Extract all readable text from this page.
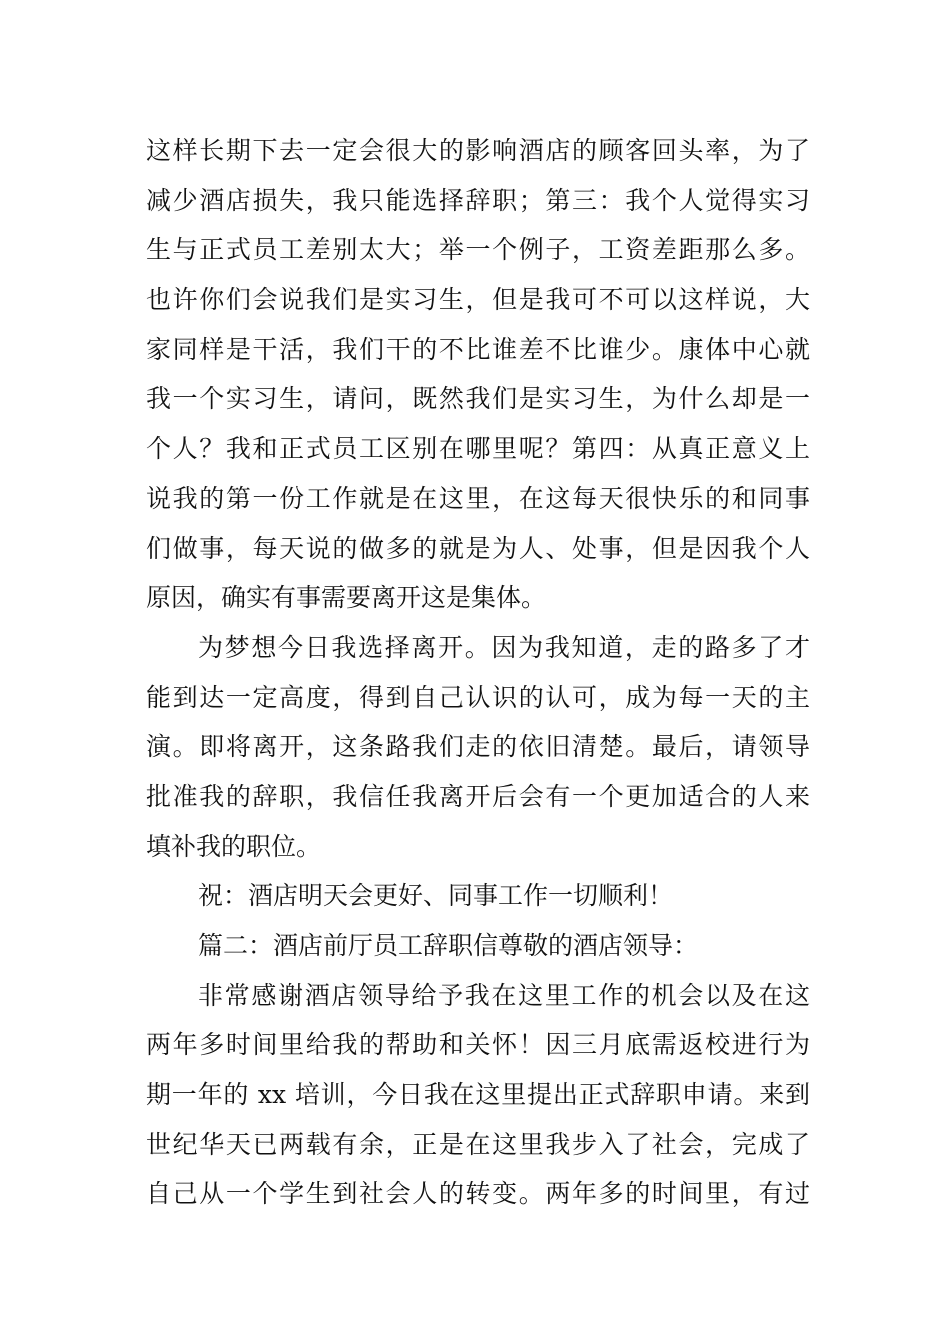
这样长期下去一定会很大的影响酒店的顾客回头率，为了
减少酒店损失，我只能选择辞职；第三：我个人觉得实习
生与正式员工差别太大；举一个例子，工资差距那么多。
也许你们会说我们是实习生，但是我可不可以这样说，大
家同样是干活，我们干的不比谁差不比谁少。康体中心就
我一个实习生，请问，既然我们是实习生，为什么却是一
个人？我和正式员工区别在哪里呢？第四：从真正意义上
说我的第一份工作就是在这里，在这每天很快乐的和同事
们做事，每天说的做多的就是为人、处事，但是因我个人
原因，确实有事需要离开这是集体。
为梦想今日我选择离开。因为我知道，走的路多了才
能到达一定高度，得到自己认识的认可，成为每一天的主
演。即将离开，这条路我们走的依旧清楚。最后，请领导
批准我的辞职，我信任我离开后会有一个更加适合的人来
填补我的职位。
祝：酒店明天会更好、同事工作一切顺利！
篇二：酒店前厅员工辞职信尊敬的酒店领导：
非常感谢酒店领导给予我在这里工作的机会以及在这
两年多时间里给我的帮助和关怀！因三月底需返校进行为
期一年的 xx 培训，今日我在这里提出正式辞职申请。来到
世纪华天已两载有余，正是在这里我步入了社会，完成了
自己从一个学生到社会人的转变。两年多的时间里，有过
